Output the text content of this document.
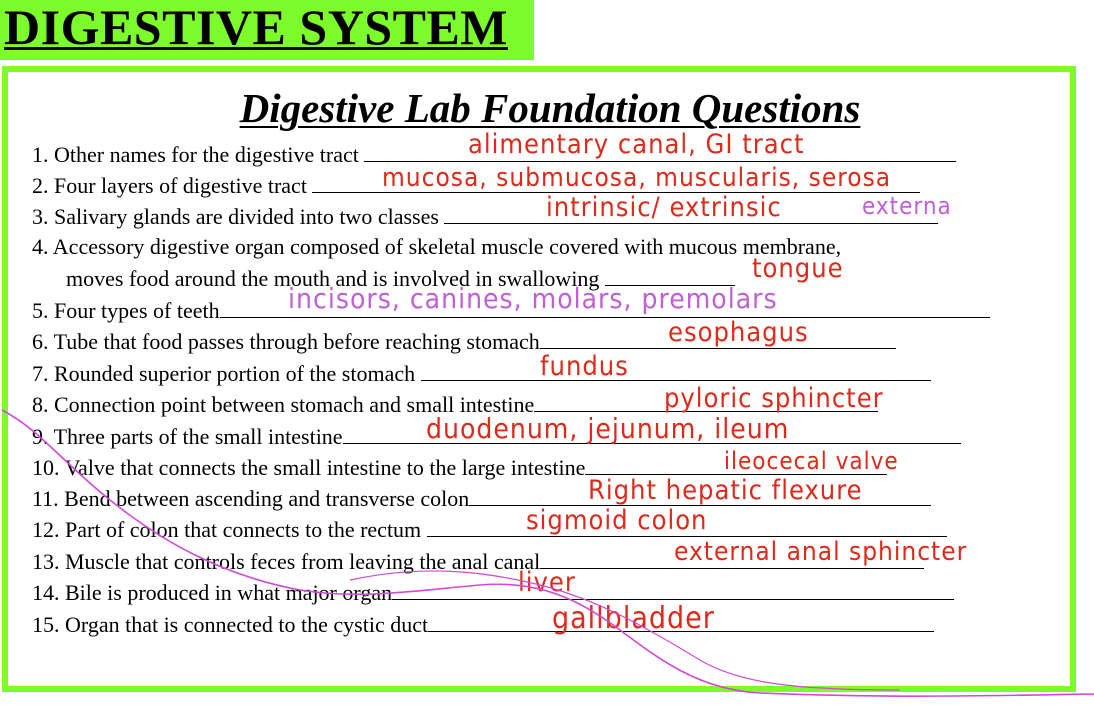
DIGESTIVE SYSTEM
Digestive Lab Foundation Questions
1. Other names for the digestive tract
2. Four layers of digestive tract
3. Salivary glands are divided into two classes
4. Accessory digestive organ composed of skeletal muscle covered with mucous membrane,
moves food around the mouth and is involved in swallowing
5. Four types of teeth
6. Tube that food passes through before reaching stomach
7. Rounded superior portion of the stomach
8. Connection point between stomach and small intestine
9. Three parts of the small intestine
10. Valve that connects the small intestine to the large intestine
11. Bend between ascending and transverse colon
12. Part of colon that connects to the rectum
13. Muscle that controls feces from leaving the anal canal
14. Bile is produced in what major organ
15. Organ that is connected to the cystic duct
alimentary canal, GI tract
mucosa, submucosa, muscularis, serosa
intrinsic/ extrinsic	externa
tongue
incisors, canines, molars, premolars
esophagus
fundus
pyloric sphincter
duodenum, jejunum, ileum
ileocecal valve
Right hepatic flexure
sigmoid colon
external anal sphincter
liver
gallbladder
